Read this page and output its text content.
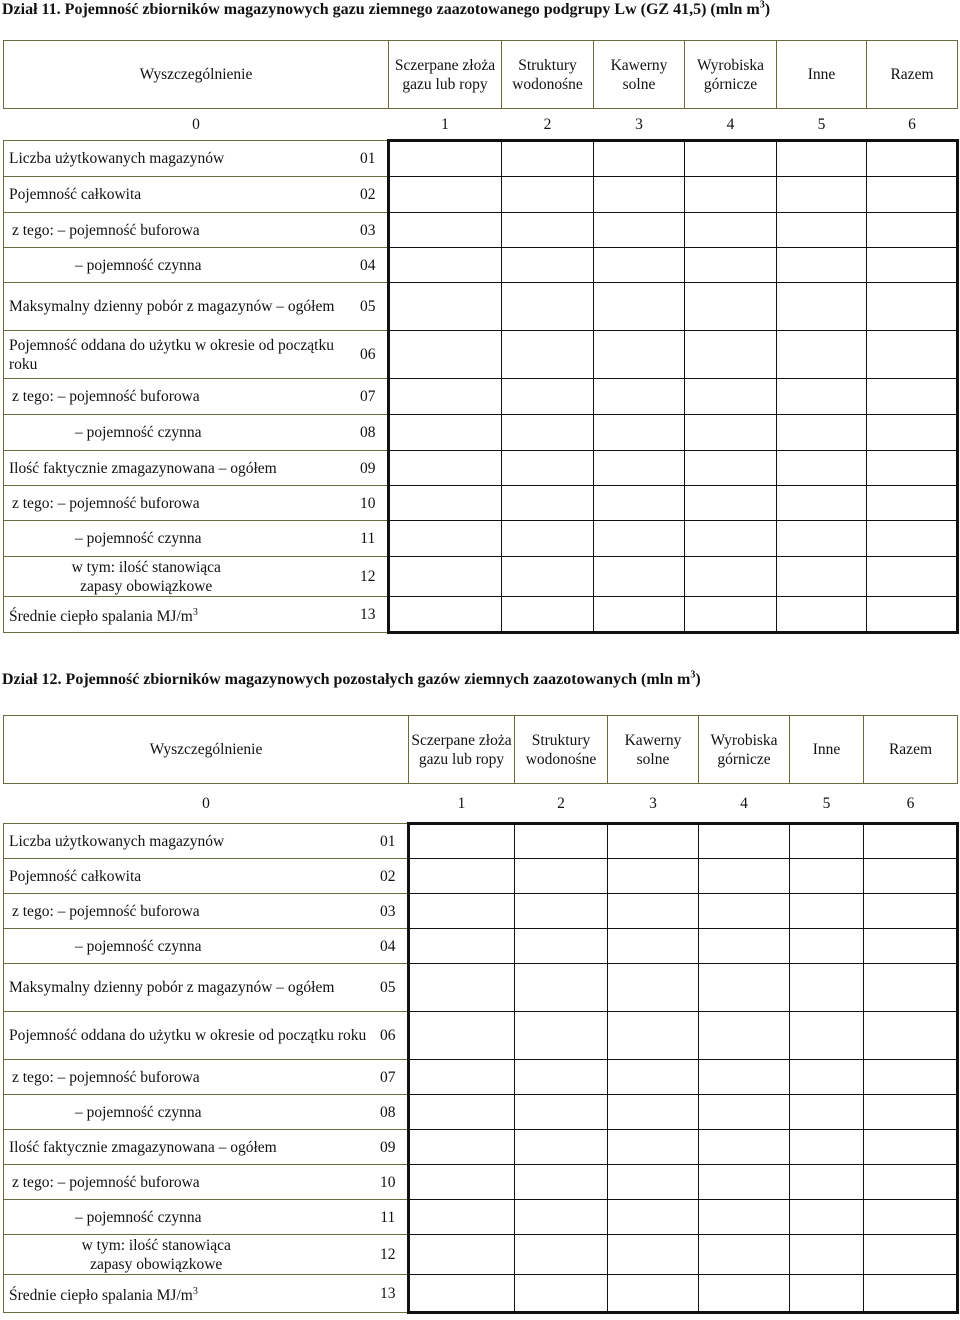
Dział 11. Pojemność zbiorników magazynowych gazu ziemnego zaazotowanego podgrupy Lw (GZ 41,5) (mln $m^3$)
Wyszczególnienie		Sczerpane złoża gazu lub ropy	Struktury wodonośne	Kawerny solne	Wyrobiska górnicze	Inne	Razem
0		1	2	3	4	5	6
Liczba użytkowanych magazynów	01						
Pojemność całkowita	02						
z tego: – pojemność buforowa	03						
– pojemność czynna	04						
Maksymalny dzienny pobór z magazynów – ogółem	05						
Pojemność oddana do użytku w okresie od początku roku	06						
z tego: – pojemność buforowa	07						
– pojemność czynna	08						
Ilość faktycznie zmagazynowana – ogółem	09						
z tego: – pojemność buforowa	10						
– pojemność czynna	11						
w tym: ilość stanowiąca zapasy obowiązkowe	12						
Średnie ciepło spalania $MJ/m^3$	13						
Dział 12. Pojemność zbiorników magazynowych pozostałych gazów ziemnych zaazotowanych (mln $m^3$)
Wyszczególnienie		Sczerpane złoża gazu lub ropy	Struktury wodonośne	Kawerny solne	Wyrobiska górnicze	Inne	Razem
0		1	2	3	4	5	6
Liczba użytkowanych magazynów	01						
Pojemność całkowita	02						
z tego: – pojemność buforowa	03						
– pojemność czynna	04						
Maksymalny dzienny pobór z magazynów – ogółem	05						
Pojemność oddana do użytku w okresie od początku roku	06						
z tego: – pojemność buforowa	07						
– pojemność czynna	08						
Ilość faktycznie zmagazynowana – ogółem	09						
z tego: – pojemność buforowa	10						
– pojemność czynna	11						
w tym: ilość stanowiąca zapasy obowiązkowe	12						
Średnie ciepło spalania $MJ/m^3$	13						
